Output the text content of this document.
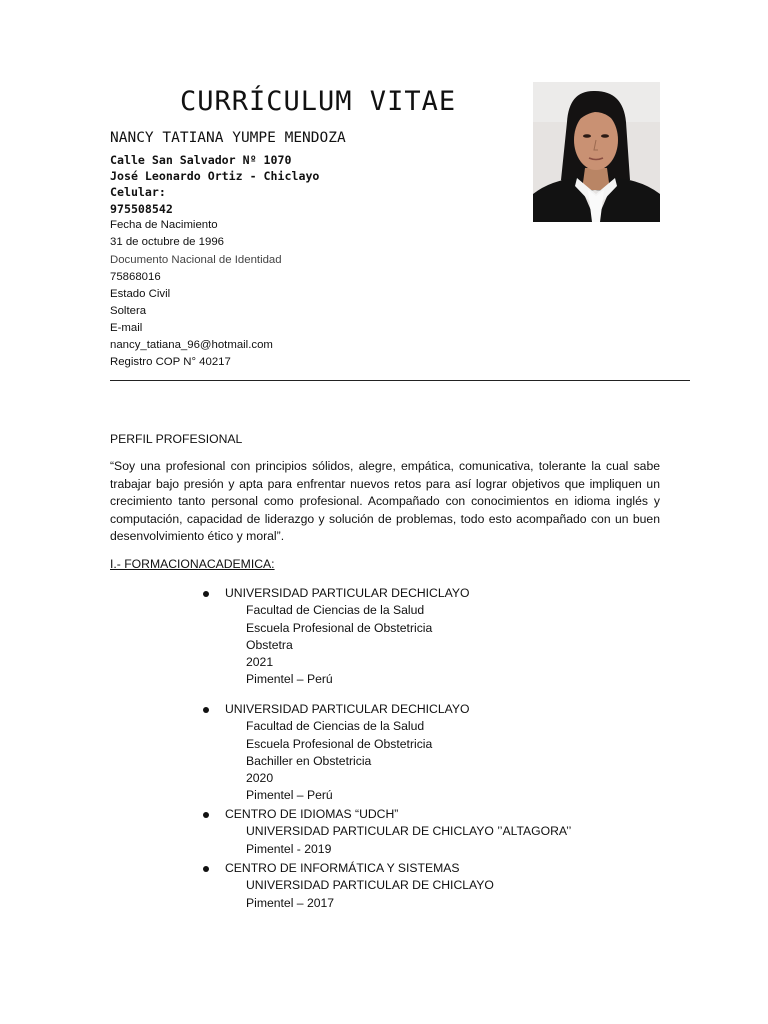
CURRÍCULUM VITAE
NANCY TATIANA YUMPE MENDOZA
Calle San Salvador Nº 1070
José Leonardo Ortiz - Chiclayo
Celular:
975508542
Fecha de Nacimiento
31 de octubre de 1996
Documento Nacional de Identidad
75868016
Estado Civil
Soltera
E-mail
nancy_tatiana_96@hotmail.com
Registro COP N° 40217
PERFIL PROFESIONAL
“Soy una profesional con principios sólidos, alegre, empática, comunicativa, tolerante la cual sabe trabajar bajo presión y apta para enfrentar nuevos retos para así lograr objetivos que impliquen un crecimiento tanto personal como profesional. Acompañado con conocimientos en idioma inglés y computación, capacidad de liderazgo y solución de problemas, todo esto acompañado con un buen desenvolvimiento ético y moral”.
I.- FORMACIONACADEMICA:
UNIVERSIDAD PARTICULAR DECHICLAYO
Facultad de Ciencias de la Salud
Escuela Profesional de Obstetricia
Obstetra
2021
Pimentel – Perú
UNIVERSIDAD PARTICULAR DECHICLAYO
Facultad de Ciencias de la Salud
Escuela Profesional de Obstetricia
Bachiller en Obstetricia
2020
Pimentel – Perú
CENTRO DE IDIOMAS “UDCH”
UNIVERSIDAD PARTICULAR DE CHICLAYO ’’ALTAGORA’’
Pimentel - 2019
CENTRO DE INFORMÁTICA Y SISTEMAS
UNIVERSIDAD PARTICULAR DE CHICLAYO
Pimentel – 2017
